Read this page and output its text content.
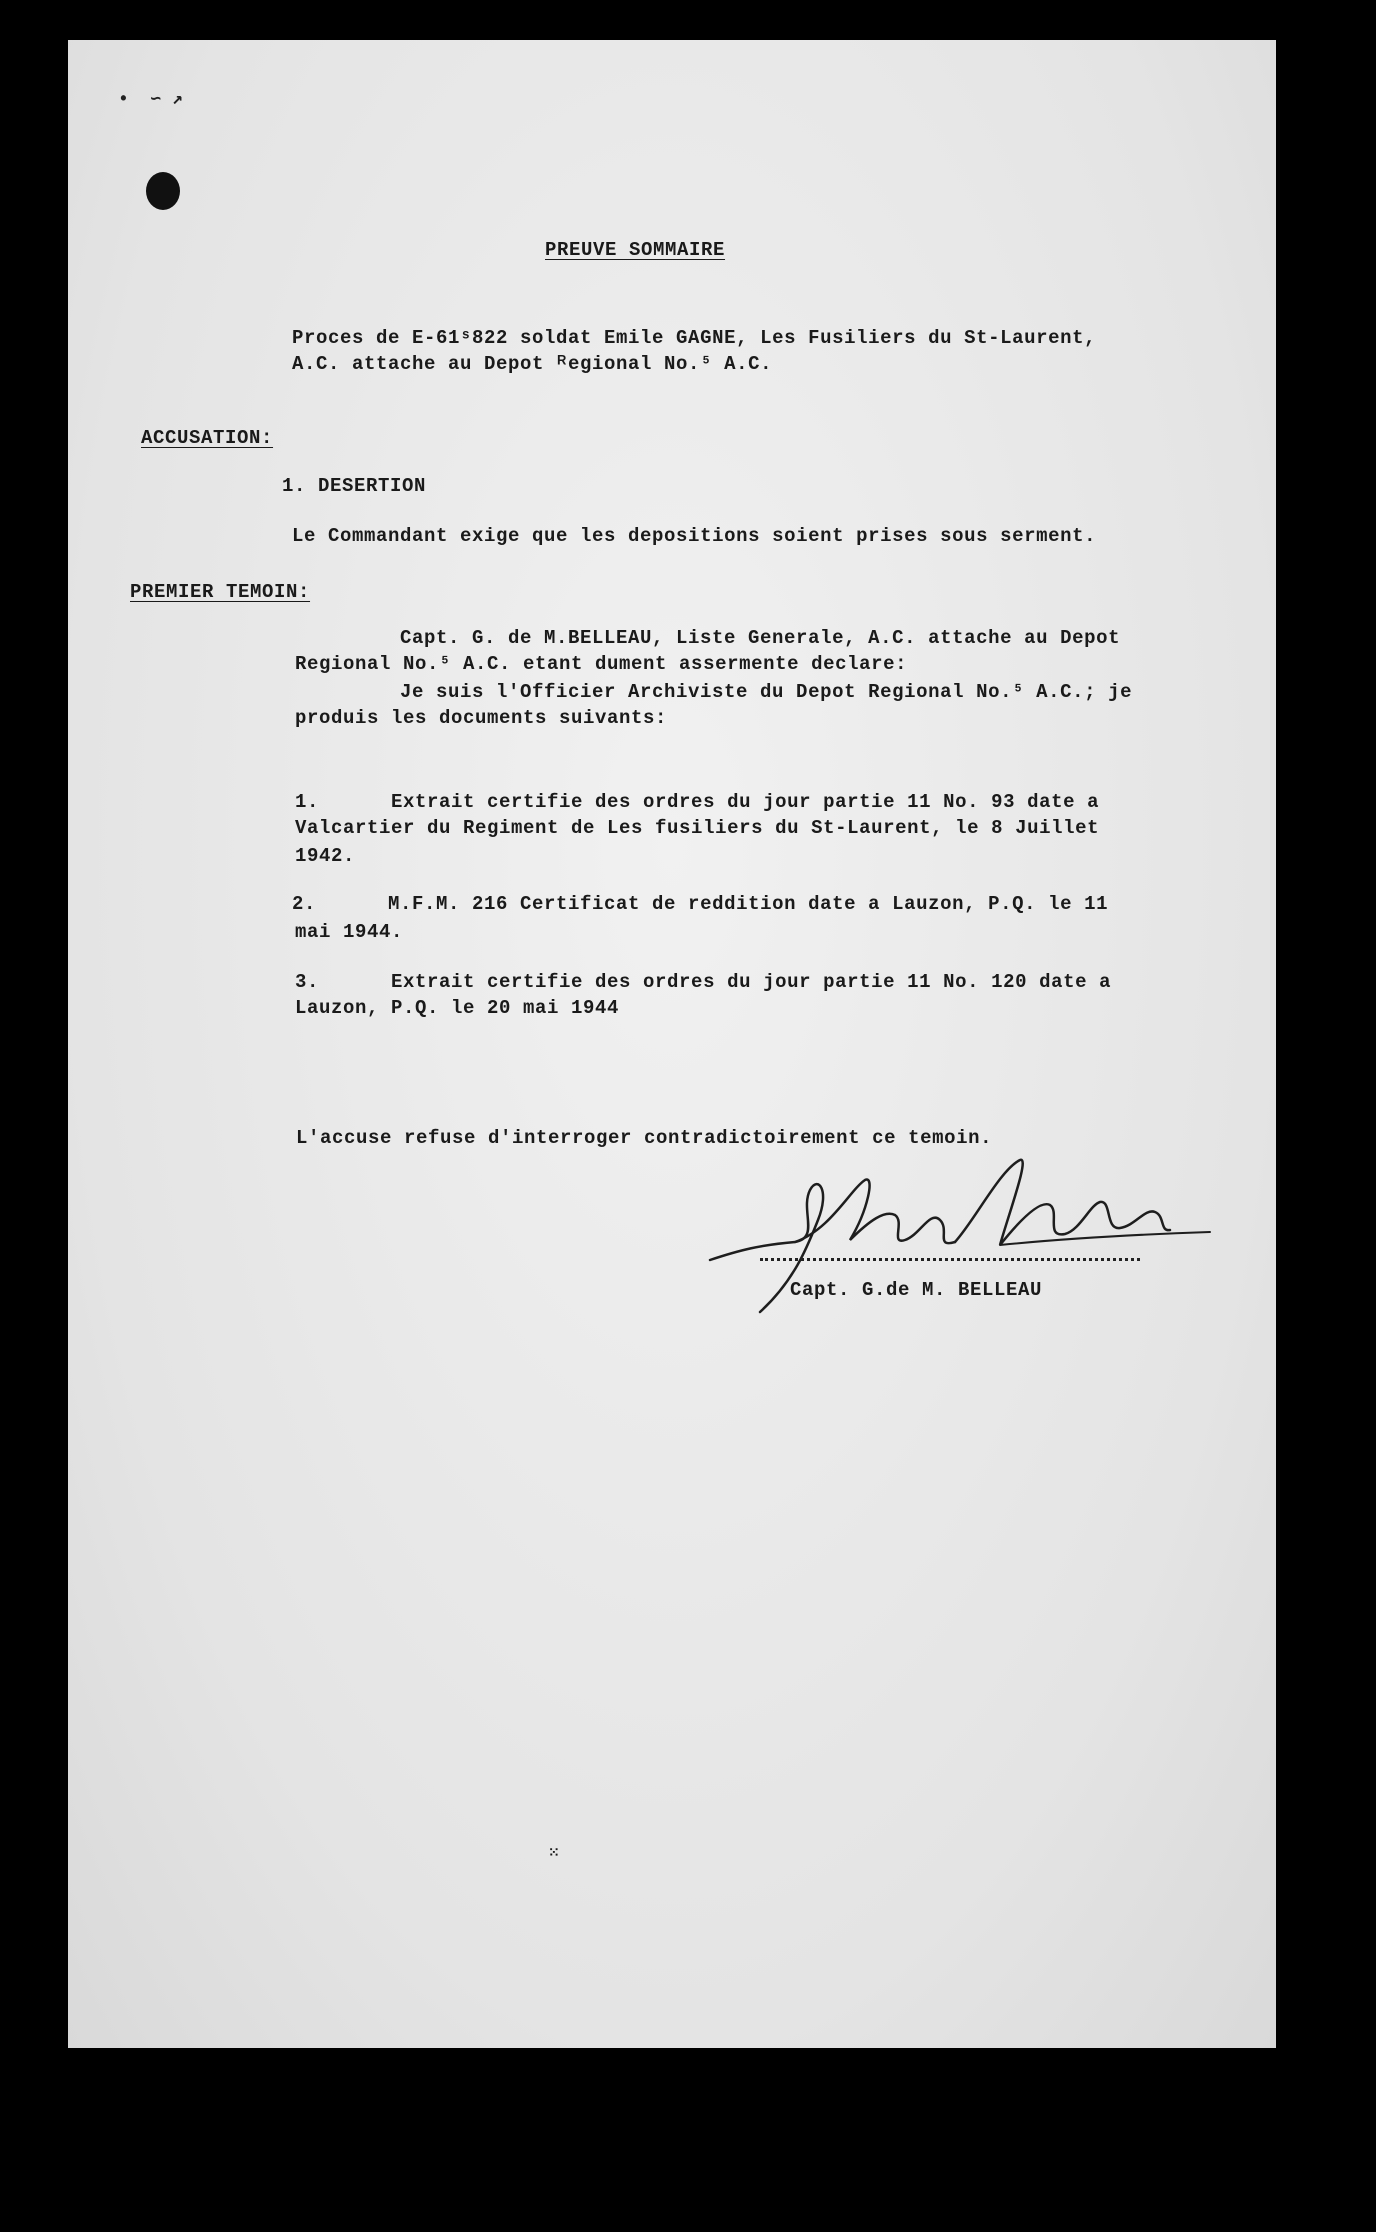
•  ∽ ↗
PREUVE SOMMAIRE
Proces de E-61ˢ822 soldat Emile GAGNE, Les Fusiliers du St-Laurent,
A.C. attache au Depot ᴿegional No.⁵ A.C.
ACCUSATION:
1. DESERTION
Le Commandant exige que les depositions soient prises sous serment.
PREMIER TEMOIN:
Capt. G. de M.BELLEAU, Liste Generale, A.C. attache au Depot
Regional No.⁵ A.C. etant dument assermente declare:
Je suis l'Officier Archiviste du Depot Regional No.⁵ A.C.; je
produis les documents suivants:
1.      Extrait certifie des ordres du jour partie 11 No. 93 date a
Valcartier du Regiment de Les fusiliers du St-Laurent, le 8 Juillet
1942.
2.      M.F.M. 216 Certificat de reddition date a Lauzon, P.Q. le 11
mai 1944.
3.      Extrait certifie des ordres du jour partie 11 No. 120 date a
Lauzon, P.Q. le 20 mai 1944
L'accuse refuse d'interroger contradictoirement ce temoin.
Capt. G.de M. BELLEAU
⁙
